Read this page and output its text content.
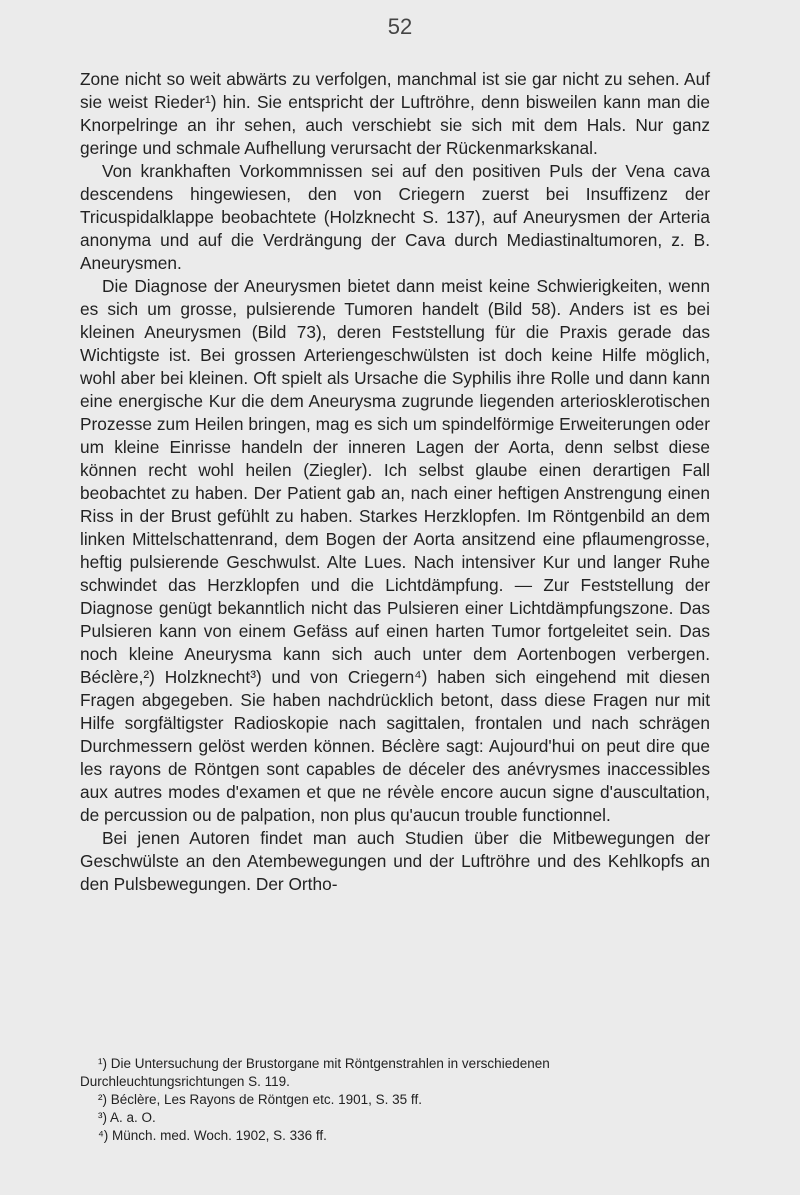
52

Zone nicht so weit abwärts zu verfolgen, manchmal ist sie gar nicht zu sehen. Auf sie weist Rieder¹) hin. Sie entspricht der Luftröhre, denn bisweilen kann man die Knorpelringe an ihr sehen, auch verschiebt sie sich mit dem Hals. Nur ganz geringe und schmale Aufhellung verursacht der Rückenmarkskanal.

Von krankhaften Vorkommnissen sei auf den positiven Puls der Vena cava descendens hingewiesen, den von Criegern zuerst bei Insuffizenz der Tricuspidalklappe beobachtete (Holzknecht S. 137), auf Aneurysmen der Arteria anonyma und auf die Verdrängung der Cava durch Mediastinaltumoren, z. B. Aneurysmen.

Die Diagnose der Aneurysmen bietet dann meist keine Schwierigkeiten, wenn es sich um grosse, pulsierende Tumoren handelt (Bild 58). Anders ist es bei kleinen Aneurysmen (Bild 73), deren Feststellung für die Praxis gerade das Wichtigste ist. Bei grossen Arteriengeschwülsten ist doch keine Hilfe möglich, wohl aber bei kleinen. Oft spielt als Ursache die Syphilis ihre Rolle und dann kann eine energische Kur die dem Aneurysma zugrunde liegenden arteriosklerotischen Prozesse zum Heilen bringen, mag es sich um spindelförmige Erweiterungen oder um kleine Einrisse handeln der inneren Lagen der Aorta, denn selbst diese können recht wohl heilen (Ziegler). Ich selbst glaube einen derartigen Fall beobachtet zu haben. Der Patient gab an, nach einer heftigen Anstrengung einen Riss in der Brust gefühlt zu haben. Starkes Herzklopfen. Im Röntgenbild an dem linken Mittelschattenrand, dem Bogen der Aorta ansitzend eine pflaumengrosse, heftig pulsierende Geschwulst. Alte Lues. Nach intensiver Kur und langer Ruhe schwindet das Herzklopfen und die Lichtdämpfung. — Zur Feststellung der Diagnose genügt bekanntlich nicht das Pulsieren einer Lichtdämpfungszone. Das Pulsieren kann von einem Gefäss auf einen harten Tumor fortgeleitet sein. Das noch kleine Aneurysma kann sich auch unter dem Aortenbogen verbergen. Béclère,²) Holzknecht³) und von Criegern⁴) haben sich eingehend mit diesen Fragen abgegeben. Sie haben nachdrücklich betont, dass diese Fragen nur mit Hilfe sorgfältigster Radioskopie nach sagittalen, frontalen und nach schrägen Durchmessern gelöst werden können. Béclère sagt: Aujourd'hui on peut dire que les rayons de Röntgen sont capables de déceler des anévrysmes inaccessibles aux autres modes d'examen et que ne révèle encore aucun signe d'auscultation, de percussion ou de palpation, non plus qu'aucun trouble functionnel.

Bei jenen Autoren findet man auch Studien über die Mitbewegungen der Geschwülste an den Atembewegungen und der Luftröhre und des Kehlkopfs an den Pulsbewegungen. Der Ortho-

¹) Die Untersuchung der Brustorgane mit Röntgenstrahlen in verschiedenen Durchleuchtungsrichtungen S. 119.

²) Béclère, Les Rayons de Röntgen etc. 1901, S. 35 ff.

³) A. a. O.

⁴) Münch. med. Woch. 1902, S. 336 ff.
